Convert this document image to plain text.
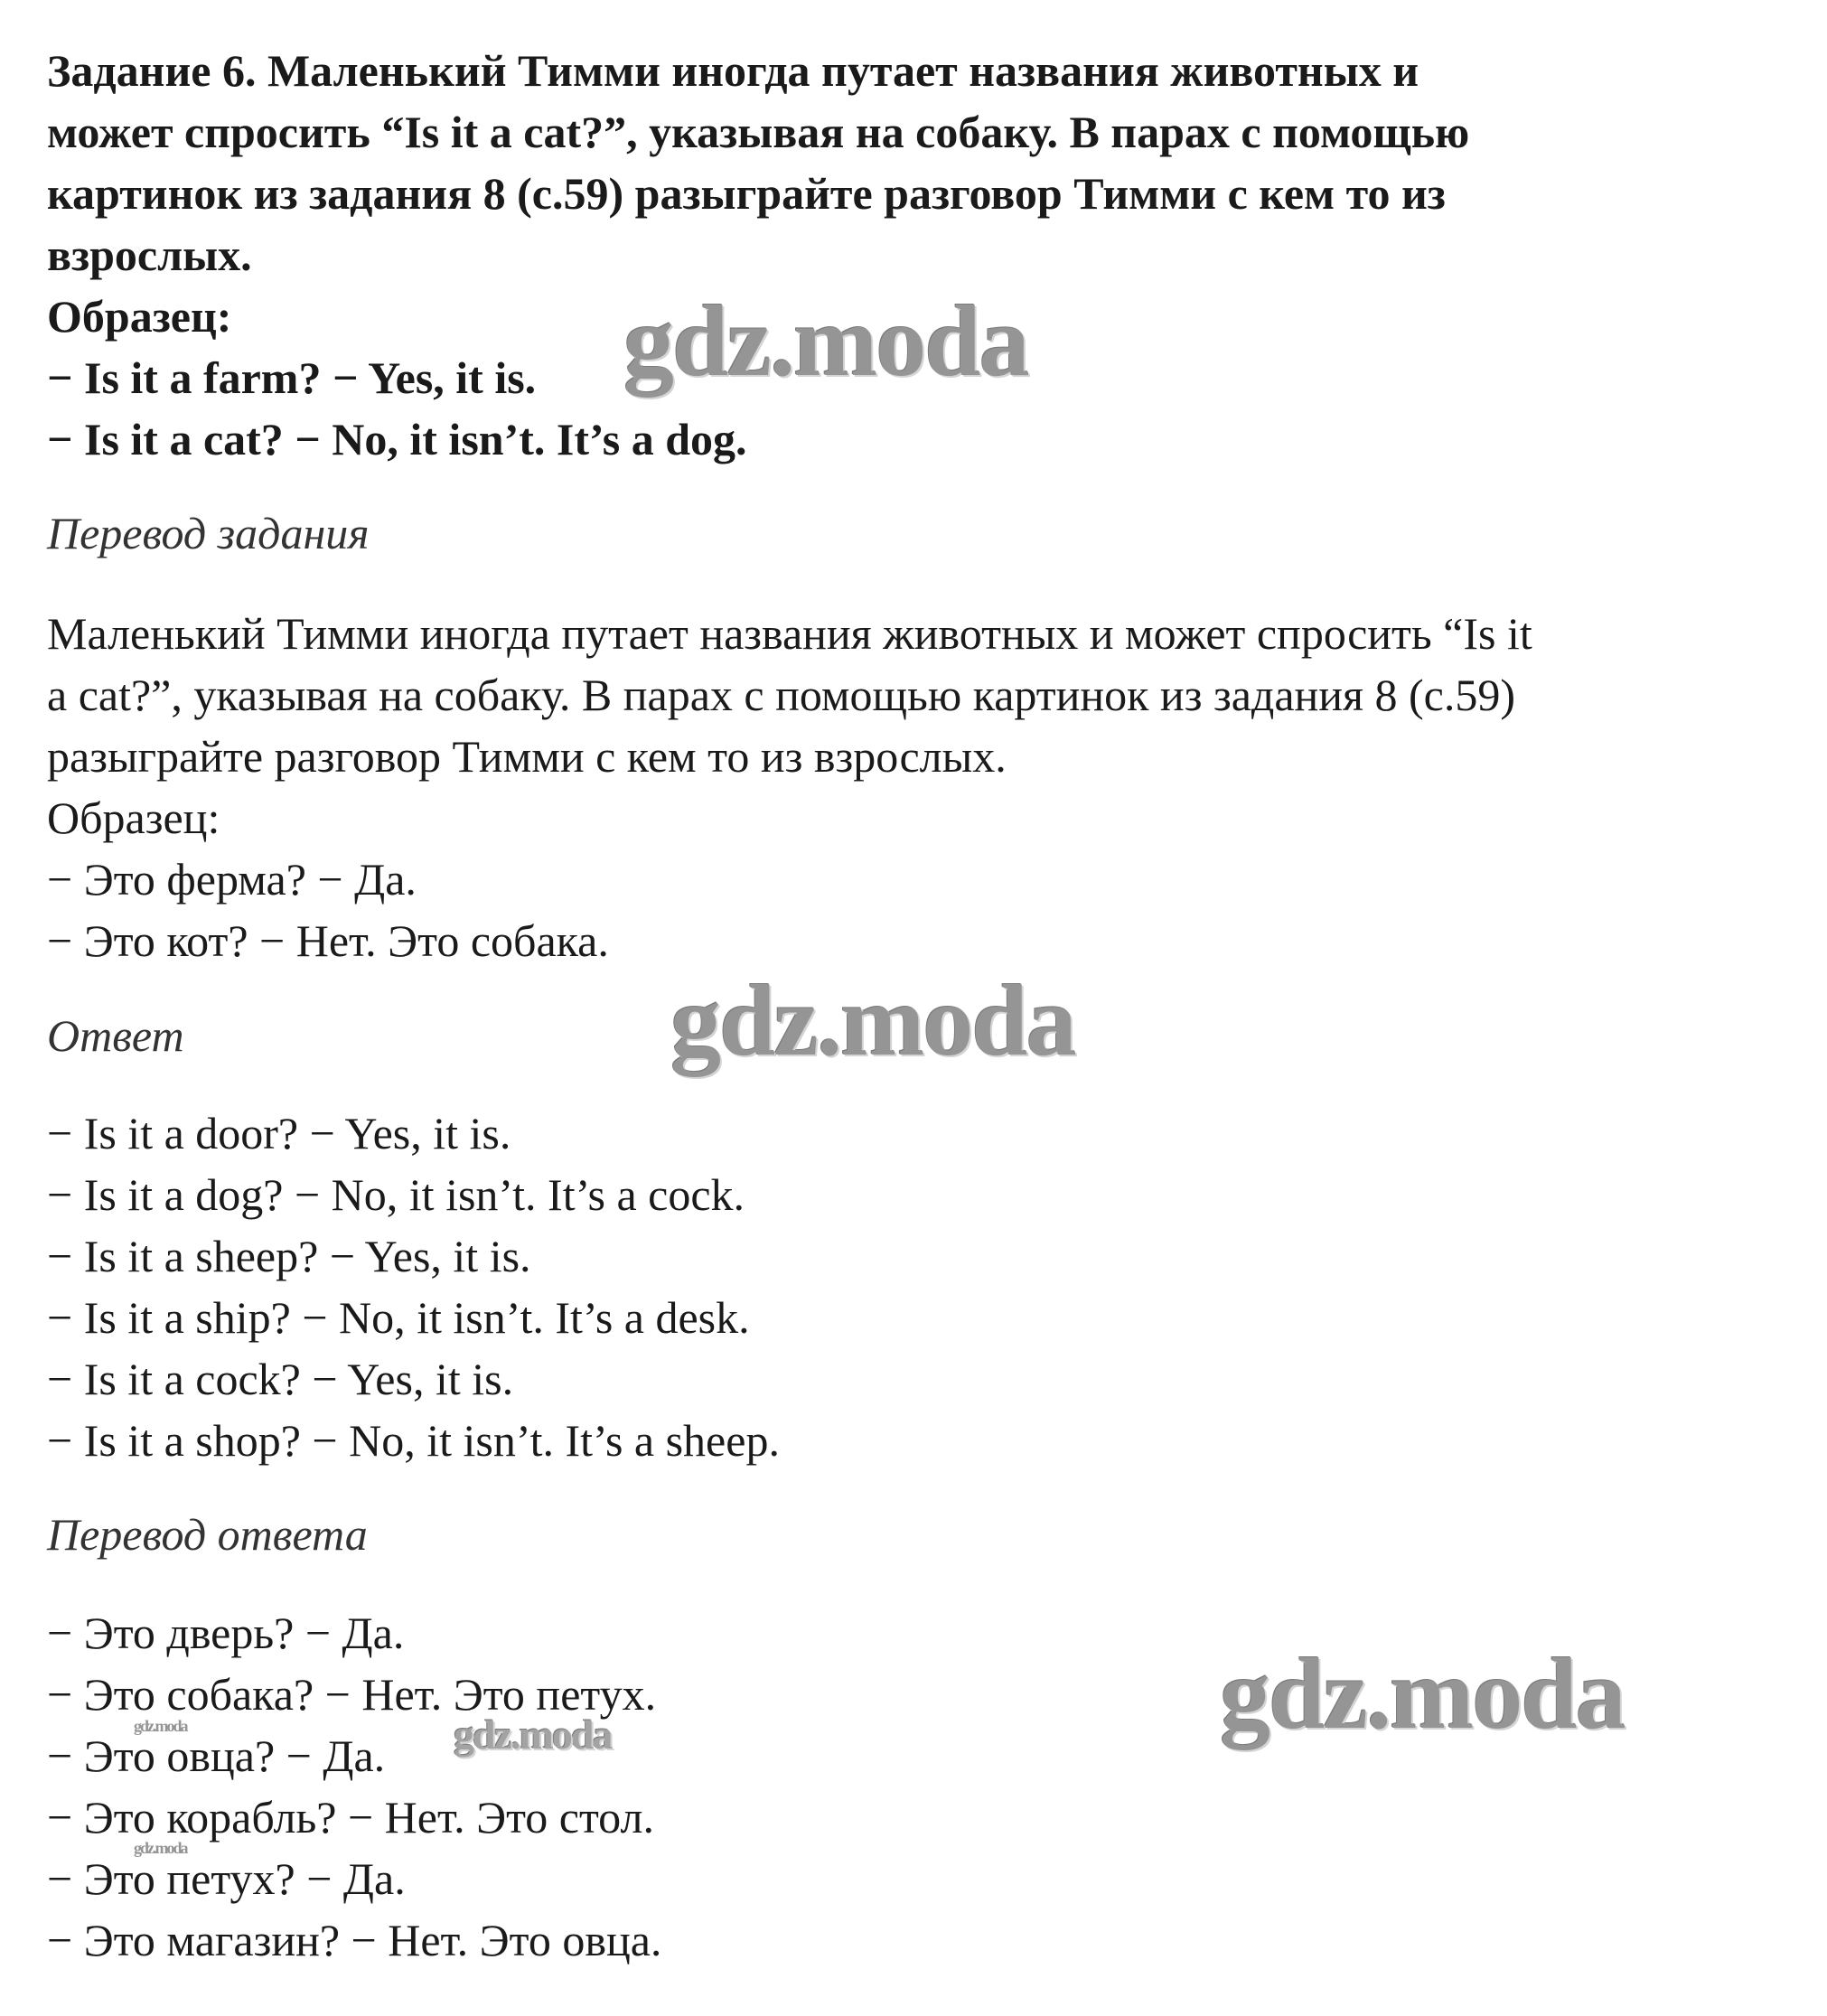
Задание 6. Маленький Тимми иногда путает названия животных и
может спросить “Is it a cat?”, указывая на собаку. В парах с помощью
картинок из задания 8 (с.59) разыграйте разговор Тимми с кем то из
взрослых.
Образец:
− Is it a farm? − Yes, it is.
− Is it a cat? − No, it isn’t. It’s a dog.
Перевод задания
Маленький Тимми иногда путает названия животных и может спросить “Is it
a cat?”, указывая на собаку. В парах с помощью картинок из задания 8 (с.59)
разыграйте разговор Тимми с кем то из взрослых.
Образец:
− Это ферма? − Да.
− Это кот? − Нет. Это собака.
Ответ
− Is it a door? − Yes, it is.
− Is it a dog? − No, it isn’t. It’s a cock.
− Is it a sheep? − Yes, it is.
− Is it a ship? − No, it isn’t. It’s a desk.
− Is it a cock? − Yes, it is.
− Is it a shop? − No, it isn’t. It’s a sheep.
Перевод ответа
− Это дверь? − Да.
− Это собака? − Нет. Это петух.
− Это овца? − Да.
− Это корабль? − Нет. Это стол.
− Это петух? − Да.
− Это магазин? − Нет. Это овца.
gdz.moda
gdz.moda
gdz.moda
gdz.moda
gdz.moda
gdz.moda
